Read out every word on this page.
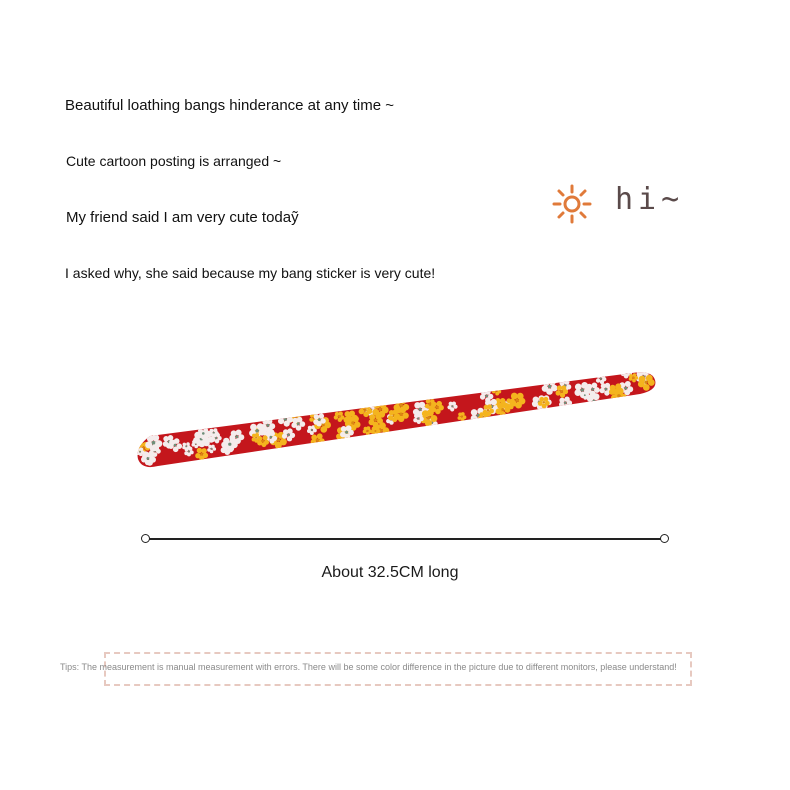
Beautiful loathing bangs hinderance at any time ~
Cute cartoon posting is arranged ~
My friend said I am very cute todaỹ
I asked why, she said because my bang sticker is very cute!
hi~
About 32.5CM long
Tips: The measurement is manual measurement with errors. There will be some color difference in the picture due to different monitors, please understand!
